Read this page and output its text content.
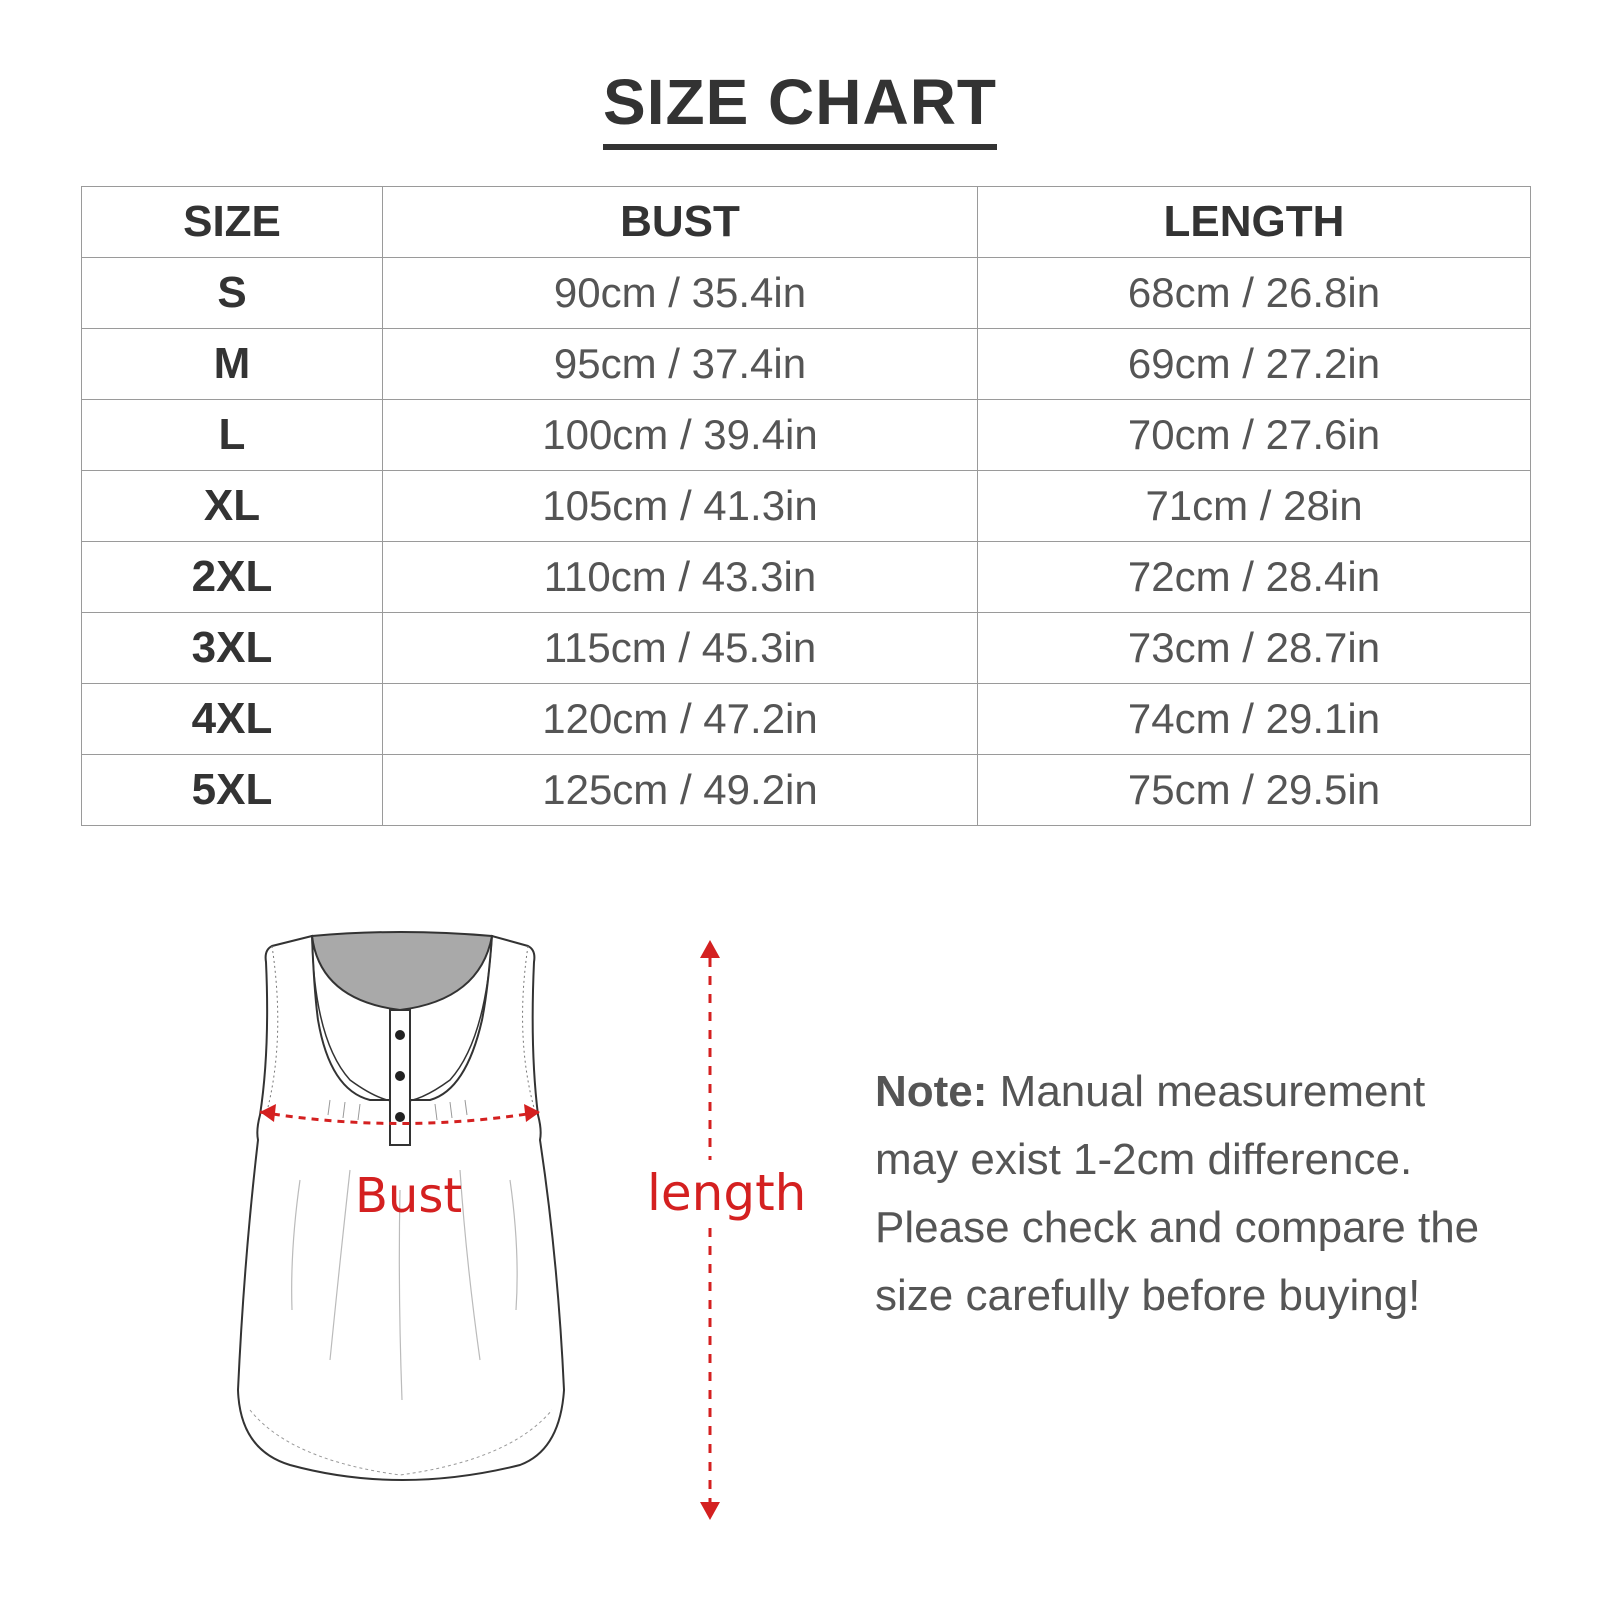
SIZE CHART
SIZE	BUST	LENGTH
S	90cm / 35.4in	68cm / 26.8in
M	95cm / 37.4in	69cm / 27.2in
L	100cm / 39.4in	70cm / 27.6in
XL	105cm / 41.3in	71cm / 28in
2XL	110cm / 43.3in	72cm / 28.4in
3XL	115cm / 45.3in	73cm / 28.7in
4XL	120cm / 47.2in	74cm / 29.1in
5XL	125cm / 49.2in	75cm / 29.5in
Bust	length
Note: Manual measurement may exist 1-2cm difference. Please check and compare the size carefully before buying!
